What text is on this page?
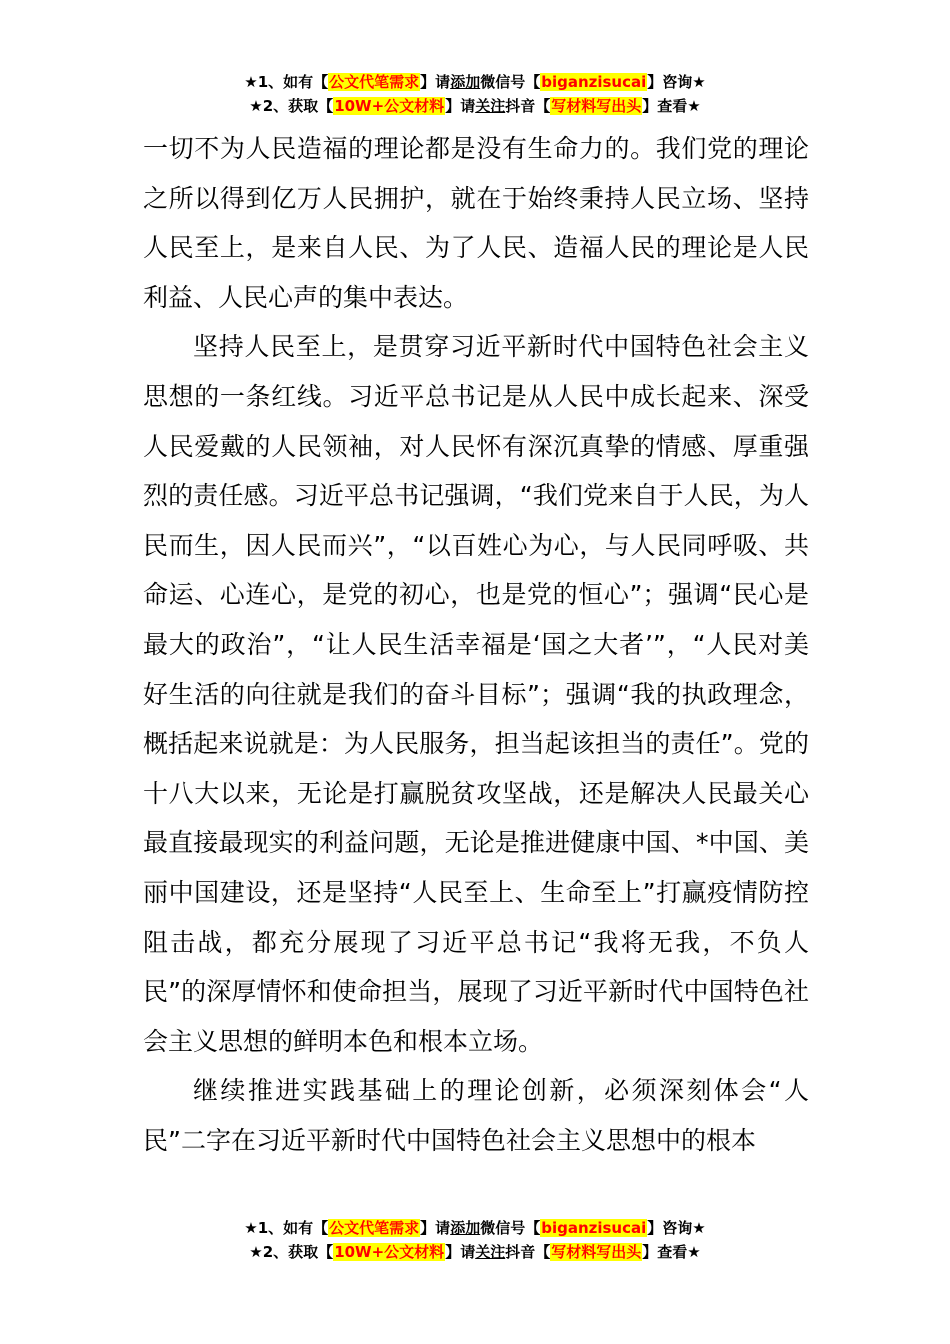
★1、如有【公文代笔需求】请添加微信号【biganzisucai】咨询★
★2、获取【10W+公文材料】请关注抖音【写材料写出头】查看★

一切不为人民造福的理论都是没有生命力的。我们党的理论之所以得到亿万人民拥护，就在于始终秉持人民立场、坚持人民至上，是来自人民、为了人民、造福人民的理论是人民利益、人民心声的集中表达。

坚持人民至上，是贯穿习近平新时代中国特色社会主义思想的一条红线。习近平总书记是从人民中成长起来、深受人民爱戴的人民领袖，对人民怀有深沉真挚的情感、厚重强烈的责任感。习近平总书记强调，“我们党来自于人民，为人民而生，因人民而兴”，“以百姓心为心，与人民同呼吸、共命运、心连心，是党的初心，也是党的恒心”；强调“民心是最大的政治”，“让人民生活幸福是‘国之大者’”，“人民对美好生活的向往就是我们的奋斗目标”；强调“我的执政理念，概括起来说就是：为人民服务，担当起该担当的责任”。党的十八大以来，无论是打赢脱贫攻坚战，还是解决人民最关心最直接最现实的利益问题，无论是推进健康中国、*中国、美丽中国建设，还是坚持“人民至上、生命至上”打赢疫情防控阻击战，都充分展现了习近平总书记“我将无我，不负人民”的深厚情怀和使命担当，展现了习近平新时代中国特色社会主义思想的鲜明本色和根本立场。

继续推进实践基础上的理论创新，必须深刻体会“人民”二字在习近平新时代中国特色社会主义思想中的根本

★1、如有【公文代笔需求】请添加微信号【biganzisucai】咨询★
★2、获取【10W+公文材料】请关注抖音【写材料写出头】查看★
